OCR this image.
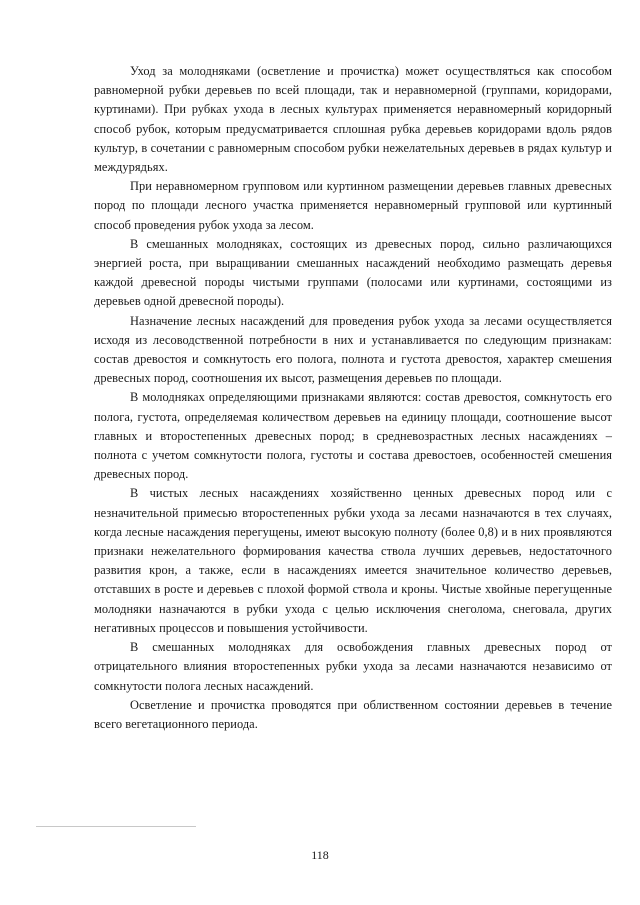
Уход за молодняками (осветление и прочистка) может осуществляться как способом равномерной рубки деревьев по всей площади, так и неравномерной (группами, коридорами, куртинами). При рубках ухода в лесных культурах применяется неравномерный коридорный способ рубок, которым предусматривается сплошная рубка деревьев коридорами вдоль рядов культур, в сочетании с равномерным способом рубки нежелательных деревьев в рядах культур и междурядьях.

При неравномерном групповом или куртинном размещении деревьев главных древесных пород по площади лесного участка применяется неравномерный групповой или куртинный способ проведения рубок ухода за лесом.

В смешанных молодняках, состоящих из древесных пород, сильно различающихся энергией роста, при выращивании смешанных насаждений необходимо размещать деревья каждой древесной породы чистыми группами (полосами или куртинами, состоящими из деревьев одной древесной породы).

Назначение лесных насаждений для проведения рубок ухода за лесами осуществляется исходя из лесоводственной потребности в них и устанавливается по следующим признакам: состав древостоя и сомкнутость его полога, полнота и густота древостоя, характер смешения древесных пород, соотношения их высот, размещения деревьев по площади.

В молодняках определяющими признаками являются: состав древостоя, сомкнутость его полога, густота, определяемая количеством деревьев на единицу площади, соотношение высот главных и второстепенных древесных пород; в средневозрастных лесных насаждениях – полнота с учетом сомкнутости полога, густоты и состава древостоев, особенностей смешения древесных пород.

В чистых лесных насаждениях хозяйственно ценных древесных пород или с незначительной примесью второстепенных рубки ухода за лесами назначаются в тех случаях, когда лесные насаждения перегущены, имеют высокую полноту (более 0,8) и в них проявляются признаки нежелательного формирования качества ствола лучших деревьев, недостаточного развития крон, а также, если в насаждениях имеется значительное количество деревьев, отставших в росте и деревьев с плохой формой ствола и кроны. Чистые хвойные перегущенные молодняки назначаются в рубки ухода с целью исключения снеголома, снеговала, других негативных процессов и повышения устойчивости.

В смешанных молодняках для освобождения главных древесных пород от отрицательного влияния второстепенных рубки ухода за лесами назначаются независимо от сомкнутости полога лесных насаждений.

Осветление и прочистка проводятся при облиственном состоянии деревьев в течение всего вегетационного периода.

118
